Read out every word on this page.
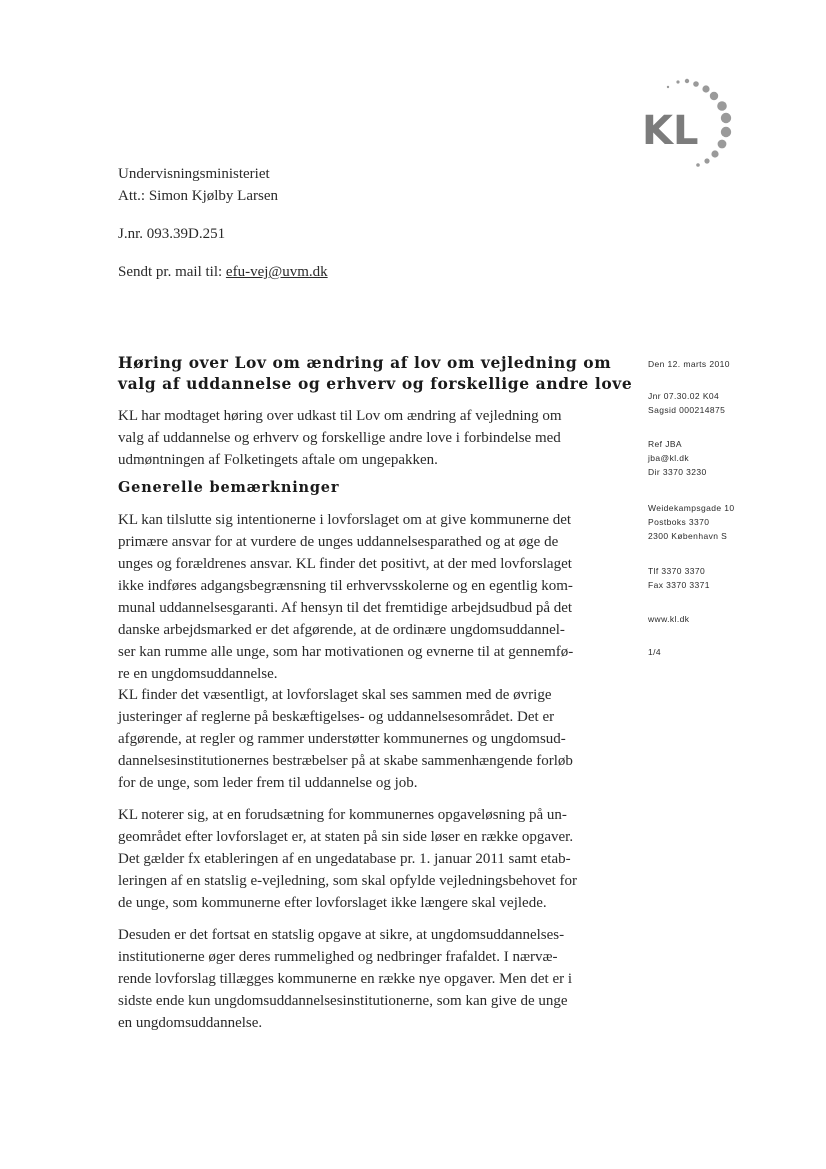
KL
Undervisningsministeriet
Att.: Simon Kjølby Larsen
J.nr. 093.39D.251
Sendt pr. mail til: efu-vej@uvm.dk
Høring over Lov om ændring af lov om vejledning om
valg af uddannelse og erhverv og forskellige andre love

KL har modtaget høring over udkast til Lov om ændring af vejledning om
valg af uddannelse og erhverv og forskellige andre love i forbindelse med
udmøntningen af Folketingets aftale om ungepakken.

Generelle bemærkninger

KL kan tilslutte sig intentionerne i lovforslaget om at give kommunerne det
primære ansvar for at vurdere de unges uddannelsesparathed og at øge de
unges og forældrenes ansvar. KL finder det positivt, at der med lovforslaget
ikke indføres adgangsbegrænsning til erhvervsskolerne og en egentlig kom-
munal uddannelsesgaranti. Af hensyn til det fremtidige arbejdsudbud på det
danske arbejdsmarked er det afgørende, at de ordinære ungdomsuddannel-
ser kan rumme alle unge, som har motivationen og evnerne til at gennemfø-
re en ungdomsuddannelse.

KL finder det væsentligt, at lovforslaget skal ses sammen med de øvrige
justeringer af reglerne på beskæftigelses- og uddannelsesområdet. Det er
afgørende, at regler og rammer understøtter kommunernes og ungdomsud-
dannelsesinstitutionernes bestræbelser på at skabe sammenhængende forløb
for de unge, som leder frem til uddannelse og job.

KL noterer sig, at en forudsætning for kommunernes opgaveløsning på un-
geområdet efter lovforslaget er, at staten på sin side løser en række opgaver.
Det gælder fx etableringen af en ungedatabase pr. 1. januar 2011 samt etab-
leringen af en statslig e-vejledning, som skal opfylde vejledningsbehovet for
de unge, som kommunerne efter lovforslaget ikke længere skal vejlede.

Desuden er det fortsat en statslig opgave at sikre, at ungdomsuddannelses-
institutionerne øger deres rummelighed og nedbringer frafaldet. I nærvæ-
rende lovforslag tillægges kommunerne en række nye opgaver. Men det er i
sidste ende kun ungdomsuddannelsesinstitutionerne, som kan give de unge
en ungdomsuddannelse.

Den 12. marts 2010
Jnr 07.30.02 K04
Sagsid 000214875
Ref JBA
jba@kl.dk
Dir 3370 3230
Weidekampsgade 10
Postboks 3370
2300 København S
Tlf 3370 3370
Fax 3370 3371
www.kl.dk
1/4
